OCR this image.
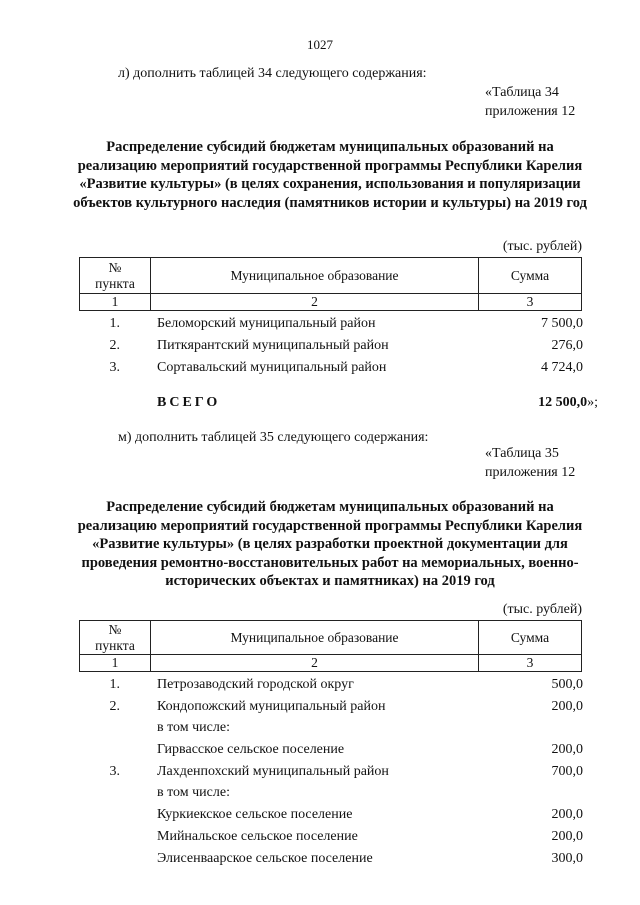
1027
л) дополнить таблицей 34 следующего содержания:
«Таблица 34
приложения 12
Распределение субсидий бюджетам муниципальных образований на реализацию мероприятий государственной программы Республики Карелия «Развитие культуры» (в целях сохранения, использования и популяризации объектов культурного наследия (памятников истории и культуры) на 2019 год
(тыс. рублей)
№
пункта	Муниципальное образование	Сумма
1	2	3
1.	Беломорский муниципальный район	7 500,0
2.	Питкярантский муниципальный район	276,0
3.	Сортавальский муниципальный район	4 724,0
ВСЕГО	12 500,0»;
м) дополнить таблицей 35 следующего содержания:
«Таблица 35
приложения 12
Распределение субсидий бюджетам муниципальных образований на реализацию мероприятий государственной программы Республики Карелия «Развитие культуры» (в целях разработки проектной документации для проведения ремонтно-восстановительных работ на мемориальных, военно-исторических объектах и памятниках) на 2019 год
(тыс. рублей)
№
пункта	Муниципальное образование	Сумма
1	2	3
1.	Петрозаводский городской округ	500,0
2.	Кондопожский муниципальный район	200,0
в том числе:
Гирвасское сельское поселение	200,0
3.	Лахденпохский муниципальный район	700,0
в том числе:
Куркиекское сельское поселение	200,0
Мийнальское сельское поселение	200,0
Элисенваарское сельское поселение	300,0
